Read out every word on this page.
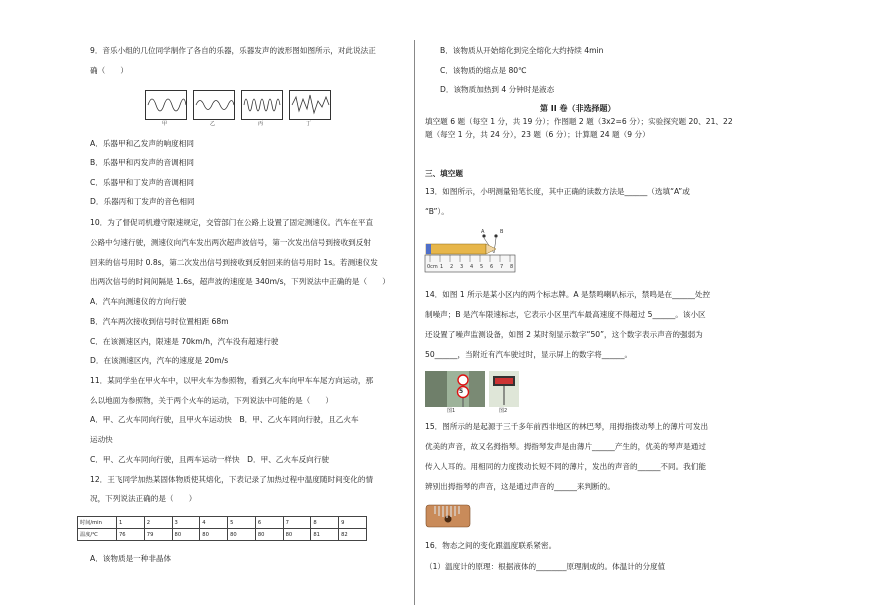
9．音乐小组的几位同学制作了各自的乐器，乐器发声的波形图如图所示，对此说法正
确（　　）
甲	乙	丙	丁
A．乐器甲和乙发声的响度相同
B．乐器甲和丙发声的音调相同
C．乐器甲和丁发声的音调相同
D．乐器丙和丁发声的音色相同
10．为了督促司机遵守限速规定，交管部门在公路上设置了固定测速仪。汽车在平直
公路中匀速行驶，测速仪向汽车发出两次超声波信号，第一次发出信号到接收到反射
回来的信号用时 0.8s，第二次发出信号到接收到反射回来的信号用时 1s。若测速仪发
出两次信号的时间间隔是 1.6s，超声波的速度是 340m/s，下列说法中正确的是（　　）
A．汽车向测速仪的方向行驶
B．汽车两次接收到信号时位置相距 68m
C．在该测速区内，限速是 70km/h，汽车没有超速行驶
D．在该测速区内，汽车的速度是 20m/s
11．某同学坐在甲火车中，以甲火车为参照物，看到乙火车向甲车车尾方向运动，那
么以地面为参照物，关于两个火车的运动，下列说法中可能的是（　　）
A．甲、乙火车同向行驶，且甲火车运动快　B．甲、乙火车同向行驶，且乙火车
运动快
C．甲、乙火车同向行驶，且两车运动一样快　D．甲、乙火车反向行驶
12．王飞同学加热某固体物质使其熔化，下表记录了加热过程中温度随时间变化的情
况，下列说法正确的是（　　）
时间/min	1	2	3	4	5	6	7	8	9
温度/℃	76	79	80	80	80	80	80	81	82
A．该物质是一种非晶体
B．该物质从开始熔化到完全熔化大约持续 4min
C．该物质的熔点是 80℃
D．该物质加热到 4 分钟时是液态
第 II 卷（非选择题）
填空题 6 题（每空 1 分，共 19 分）；作图题 2 题（3x2=6 分）；实验探究题 20、21、22
题（每空 1 分，共 24 分），23 题（6 分）；计算题 24 题（9 分）
三、填空题
13．如图所示，小明测量铅笔长度，其中正确的读数方法是______（选填“A”或
“B”）。
A	B
0cm 1 2 3 4 5 6 7 8
14．如图 1 所示是某小区内的两个标志牌。A 是禁鸣喇叭标示，禁鸣是在______处控
制噪声；B 是汽车限速标志，它表示小区里汽车最高速度不得超过 5______。该小区
还设置了噪声监测设备，如图 2 某时刻显示数字“50”，这个数字表示声音的强弱为
50______，当附近有汽车驶过时，显示屏上的数字将______。
5
图1	图2
15．图所示的是起源于三千多年前西非地区的林巴琴，用拇指拨动琴上的薄片可发出
优美的声音，故又名拇指琴。拇指琴发声是由薄片______产生的，优美的琴声是通过
传入人耳的。用相同的力度拨动长短不同的薄片，发出的声音的______不同。我们能
辨别出拇指琴的声音，这是通过声音的______来判断的。
16．物态之间的变化跟温度联系紧密。
（1）温度计的原理：根据液体的________原理制成的。体温计的分度值
